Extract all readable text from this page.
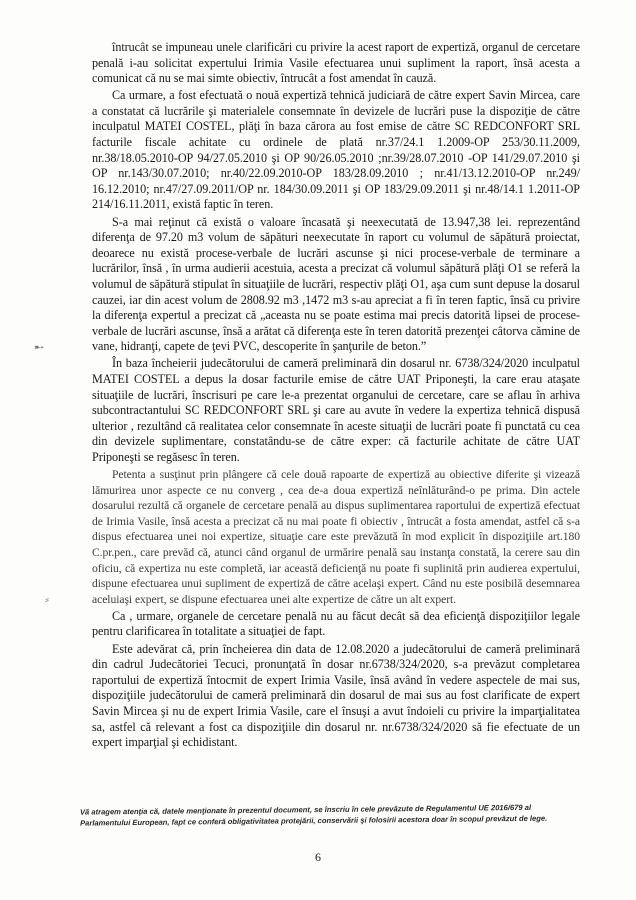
întrucât se impuneau unele clarificări cu privire la acest raport de expertiză, organul de cercetare penală i-au solicitat expertului Irimia Vasile efectuarea unui supliment la raport, însă acesta a comunicat că nu se mai simte obiectiv, întrucât a fost amendat în cauză.

Ca urmare, a fost efectuată o nouă expertiză tehnică judiciară de către expert Savin Mircea, care a constatat că lucrările şi materialele consemnate în devizele de lucrări puse la dispoziţie de către inculpatul MATEI COSTEL, plăţi în baza cărora au fost emise de către SC REDCONFORT SRL facturile fiscale achitate cu ordinele de plată nr.37/24.1 1.2009-OP 253/30.11.2009, nr.38/18.05.2010-OP 94/27.05.2010 şi OP 90/26.05.2010 ;nr.39/28.07.2010 -OP 141/29.07.2010 şi OP nr.143/30.07.2010; nr.40/22.09.2010-OP 183/28.09.2010 ; nr.41/13.12.2010-OP nr.249/ 16.12.2010; nr.47/27.09.2011/OP nr. 184/30.09.2011 şi OP 183/29.09.2011 şi nr.48/14.1 1.2011-OP 214/16.11.2011, există faptic în teren.

S-a mai reţinut că există o valoare încasată şi neexecutată de 13.947,38 lei. reprezentând diferenţa de 97.20 m3 volum de săpături neexecutate în raport cu volumul de săpătură proiectat, deoarece nu există procese-verbale de lucrări ascunse şi nici procese-verbale de terminare a lucrărilor, însă , în urma audierii acestuia, acesta a precizat că volumul săpătură plăţi O1 se referă la volumul de săpătură stipulat în situaţiile de lucrări, respectiv plăţi O1, aşa cum sunt depuse la dosarul cauzei, iar din acest volum de 2808.92 m3 ,1472 m3 s-au apreciat a fi în teren faptic, însă cu privire la diferenţa expertul a precizat că „aceasta nu se poate estima mai precis datorită lipsei de procese-verbale de lucrări ascunse, însă a arătat că diferenţa este în teren datorită prezenţei câtorva cămine de vane, hidranţi, capete de ţevi PVC, descoperite în şanţurile de beton.”

În baza încheierii judecătorului de cameră preliminară din dosarul nr. 6738/324/2020 inculpatul MATEI COSTEL a depus la dosar facturile emise de către UAT Priponeşti, la care erau ataşate situaţiile de lucrări, înscrisuri pe care le-a prezentat organului de cercetare, care se aflau în arhiva subcontractantului SC REDCONFORT SRL şi care au avute în vedere la expertiza tehnică dispusă ulterior , rezultând că realitatea celor consemnate în aceste situaţii de lucrări poate fi punctată cu cea din devizele suplimentare, constatându-se de către exper: că facturile achitate de către UAT Priponeşti se regăsesc în teren.

Petenta a susţinut prin plângere că cele două rapoarte de expertiză au obiective diferite şi vizează lămurirea unor aspecte ce nu converg , cea de-a doua expertiză neînlăturând-o pe prima. Din actele dosarului rezultă că organele de cercetare penală au dispus suplimentarea raportului de expertiză efectuat de Irimia Vasile, însă acesta a precizat că nu mai poate fi obiectiv , întrucât a fosta amendat, astfel că s-a dispus efectuarea unei noi expertize, situaţie care este prevăzută în mod explicit în dispoziţiile art.180 C.pr.pen., care prevăd că, atunci când organul de urmărire penală sau instanţa constată, la cerere sau din oficiu, că expertiza nu este completă, iar această deficienţă nu poate fi suplinită prin audierea expertului, dispune efectuarea unui supliment de expertiză de către acelaşi expert. Când nu este posibilă desemnarea aceluiaşi expert, se dispune efectuarea unei alte expertize de către un alt expert.

Ca , urmare, organele de cercetare penală nu au făcut decât să dea eficienţă dispoziţiilor legale pentru clarificarea în totalitate a situaţiei de fapt.

Este adevărat că, prin încheierea din data de 12.08.2020 a judecătorului de cameră preliminară din cadrul Judecătoriei Tecuci, pronunţată în dosar nr.6738/324/2020, s-a prevăzut completarea raportului de expertiză întocmit de expert Irimia Vasile, însă având în vedere aspectele de mai sus, dispoziţiile judecătorului de cameră preliminară din dosarul de mai sus au fost clarificate de expert Savin Mircea şi nu de expert Irimia Vasile, care el însuşi a avut îndoieli cu privire la imparţialitatea sa, astfel că relevant a fost ca dispoziţiile din dosarul nr. nr.6738/324/2020 să fie efectuate de un expert imparţial şi echidistant.

➸
⸗
Vă atragem atenţia că, datele menţionate în prezentul document, se înscriu în cele prevăzute de Regulamentul UE 2016/679 al Parlamentului European, fapt ce conferă obligativitatea protejării, conservării şi folosirii acestora doar în scopul prevăzut de lege.
6
